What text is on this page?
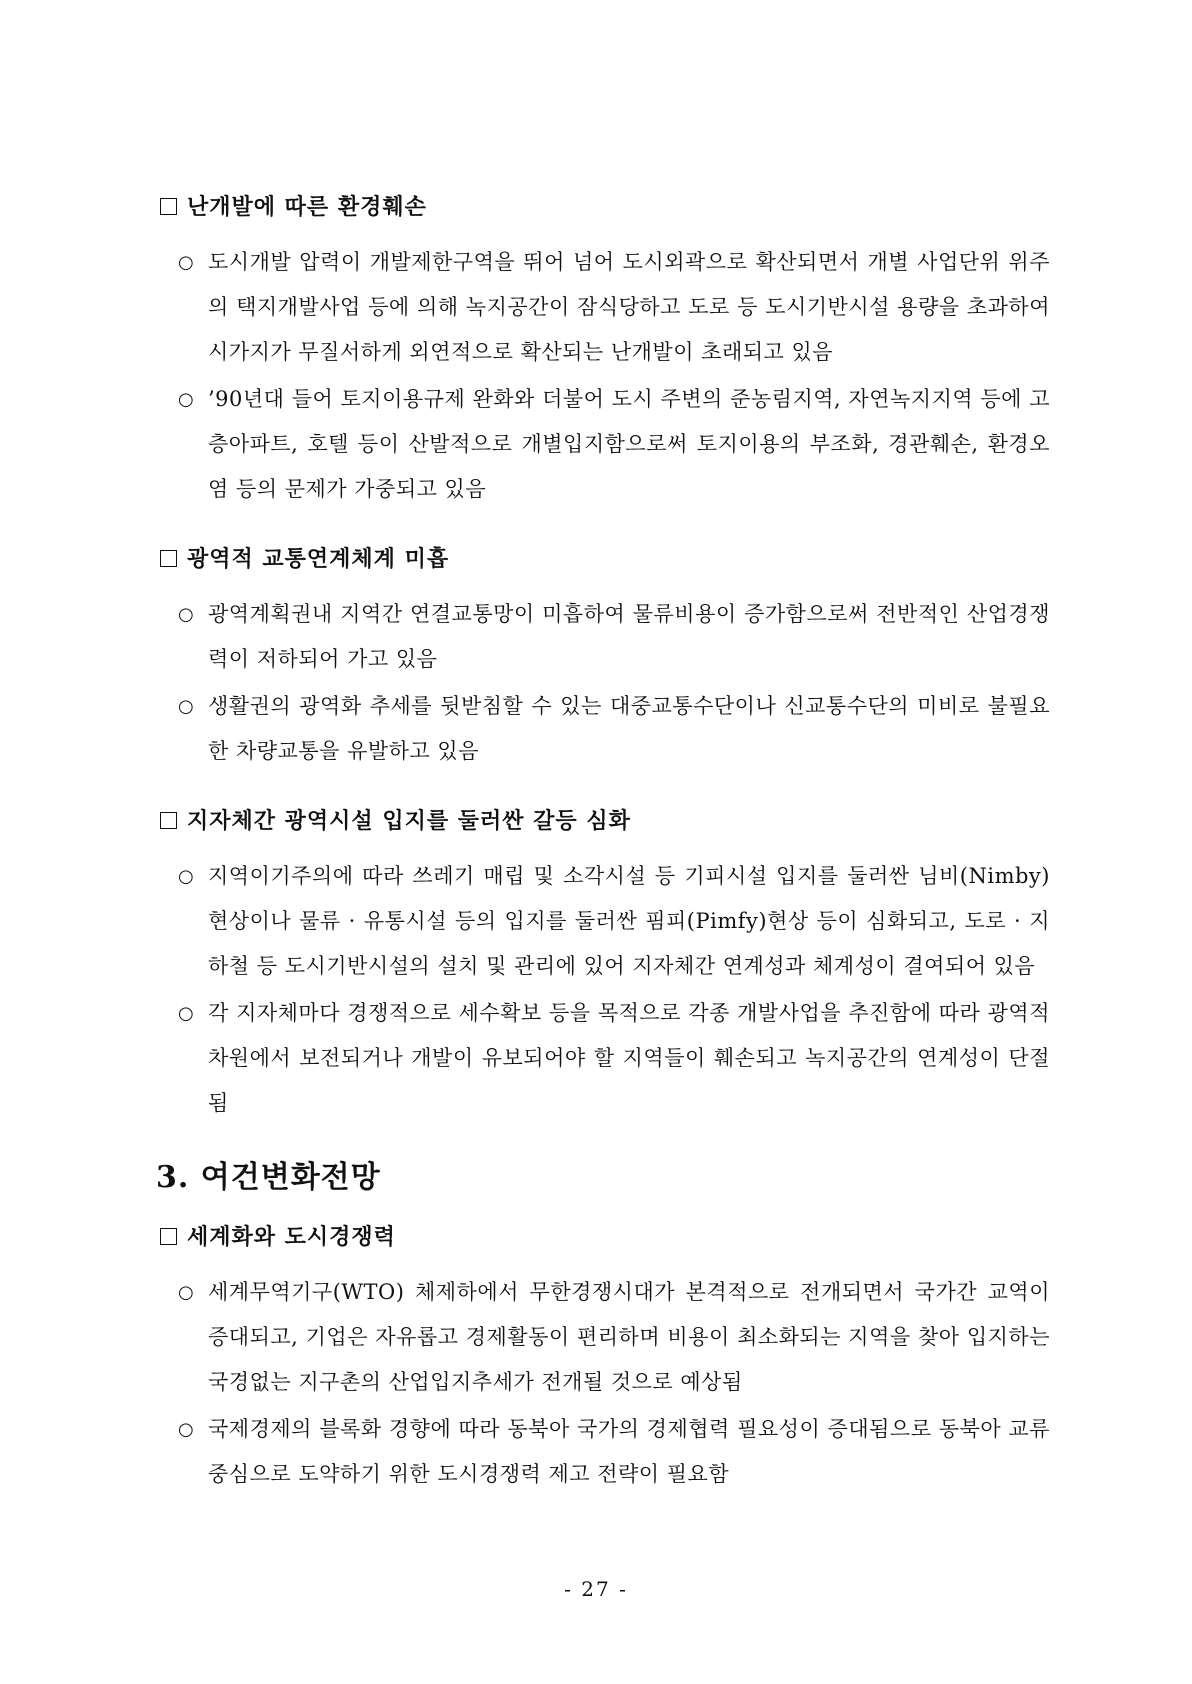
난개발에 따른 환경훼손

○ 도시개발 압력이 개발제한구역을 뛰어 넘어 도시외곽으로 확산되면서 개별 사업단위 위주의 택지개발사업 등에 의해 녹지공간이 잠식당하고 도로 등 도시기반시설 용량을 초과하여 시가지가 무질서하게 외연적으로 확산되는 난개발이 초래되고 있음

○ ’90년대 들어 토지이용규제 완화와 더불어 도시 주변의 준농림지역, 자연녹지지역 등에 고층아파트, 호텔 등이 산발적으로 개별입지함으로써 토지이용의 부조화, 경관훼손, 환경오염 등의 문제가 가중되고 있음

광역적 교통연계체계 미흡

○ 광역계획권내 지역간 연결교통망이 미흡하여 물류비용이 증가함으로써 전반적인 산업경쟁력이 저하되어 가고 있음

○ 생활권의 광역화 추세를 뒷받침할 수 있는 대중교통수단이나 신교통수단의 미비로 불필요한 차량교통을 유발하고 있음

지자체간 광역시설 입지를 둘러싼 갈등 심화

○ 지역이기주의에 따라 쓰레기 매립 및 소각시설 등 기피시설 입지를 둘러싼 님비(Nimby)현상이나 물류 · 유통시설 등의 입지를 둘러싼 핌피(Pimfy)현상 등이 심화되고, 도로 · 지하철 등 도시기반시설의 설치 및 관리에 있어 지자체간 연계성과 체계성이 결여되어 있음

○ 각 지자체마다 경쟁적으로 세수확보 등을 목적으로 각종 개발사업을 추진함에 따라 광역적 차원에서 보전되거나 개발이 유보되어야 할 지역들이 훼손되고 녹지공간의 연계성이 단절됨

3. 여건변화전망
세계화와 도시경쟁력

○ 세계무역기구(WTO) 체제하에서 무한경쟁시대가 본격적으로 전개되면서 국가간 교역이 증대되고, 기업은 자유롭고 경제활동이 편리하며 비용이 최소화되는 지역을 찾아 입지하는 국경없는 지구촌의 산업입지추세가 전개될 것으로 예상됨

○ 국제경제의 블록화 경향에 따라 동북아 국가의 경제협력 필요성이 증대됨으로 동북아 교류중심으로 도약하기 위한 도시경쟁력 제고 전략이 필요함

- 27 -
